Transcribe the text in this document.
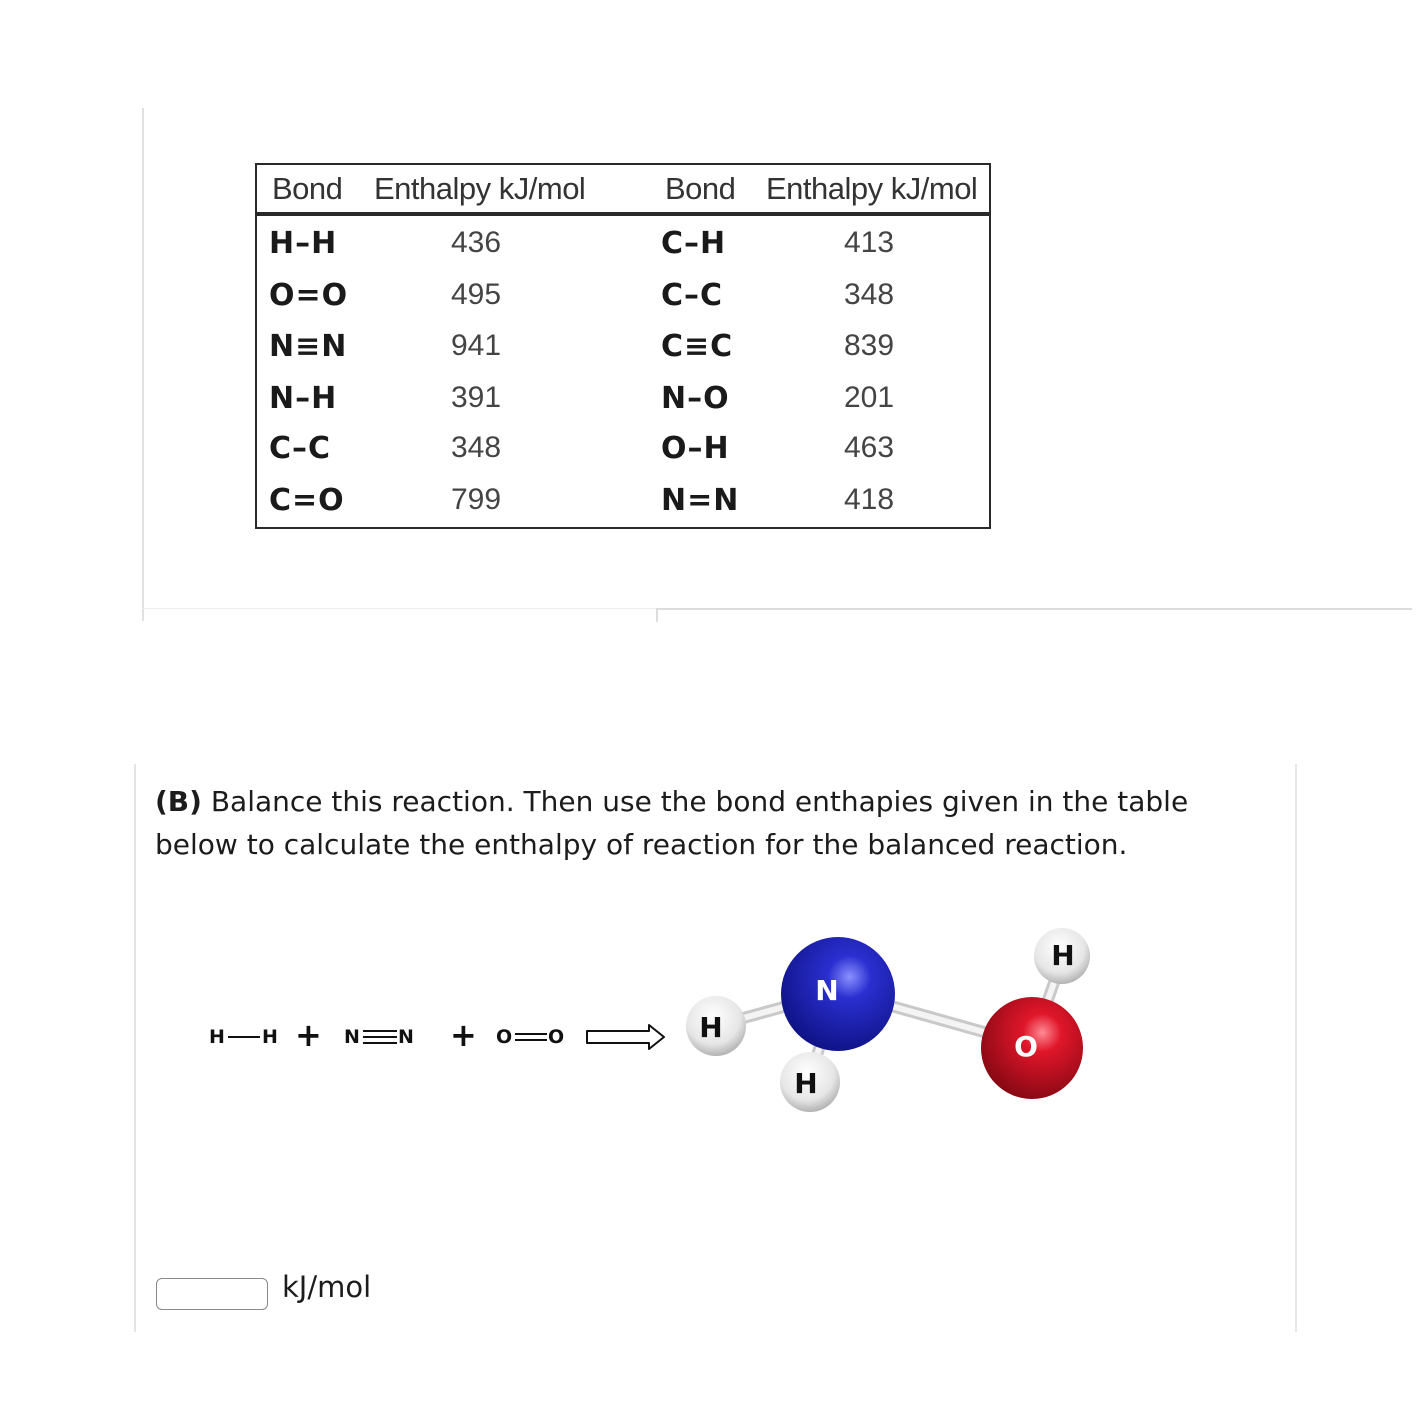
Bond Enthalpy kJ/mol	Bond Enthalpy kJ/mol
H–H	436	C–H	413
O=O	495	C–C	348
N≡N	941	C≡C	839
N–H	391	N–O	201
C–C	348	O–H	463
C=O	799	N=N	418
(B) Balance this reaction. Then use the bond enthapies given in the table below to calculate the enthalpy of reaction for the balanced reaction.
H H + N N + O O	H
H
N
H
O
kJ/mol
